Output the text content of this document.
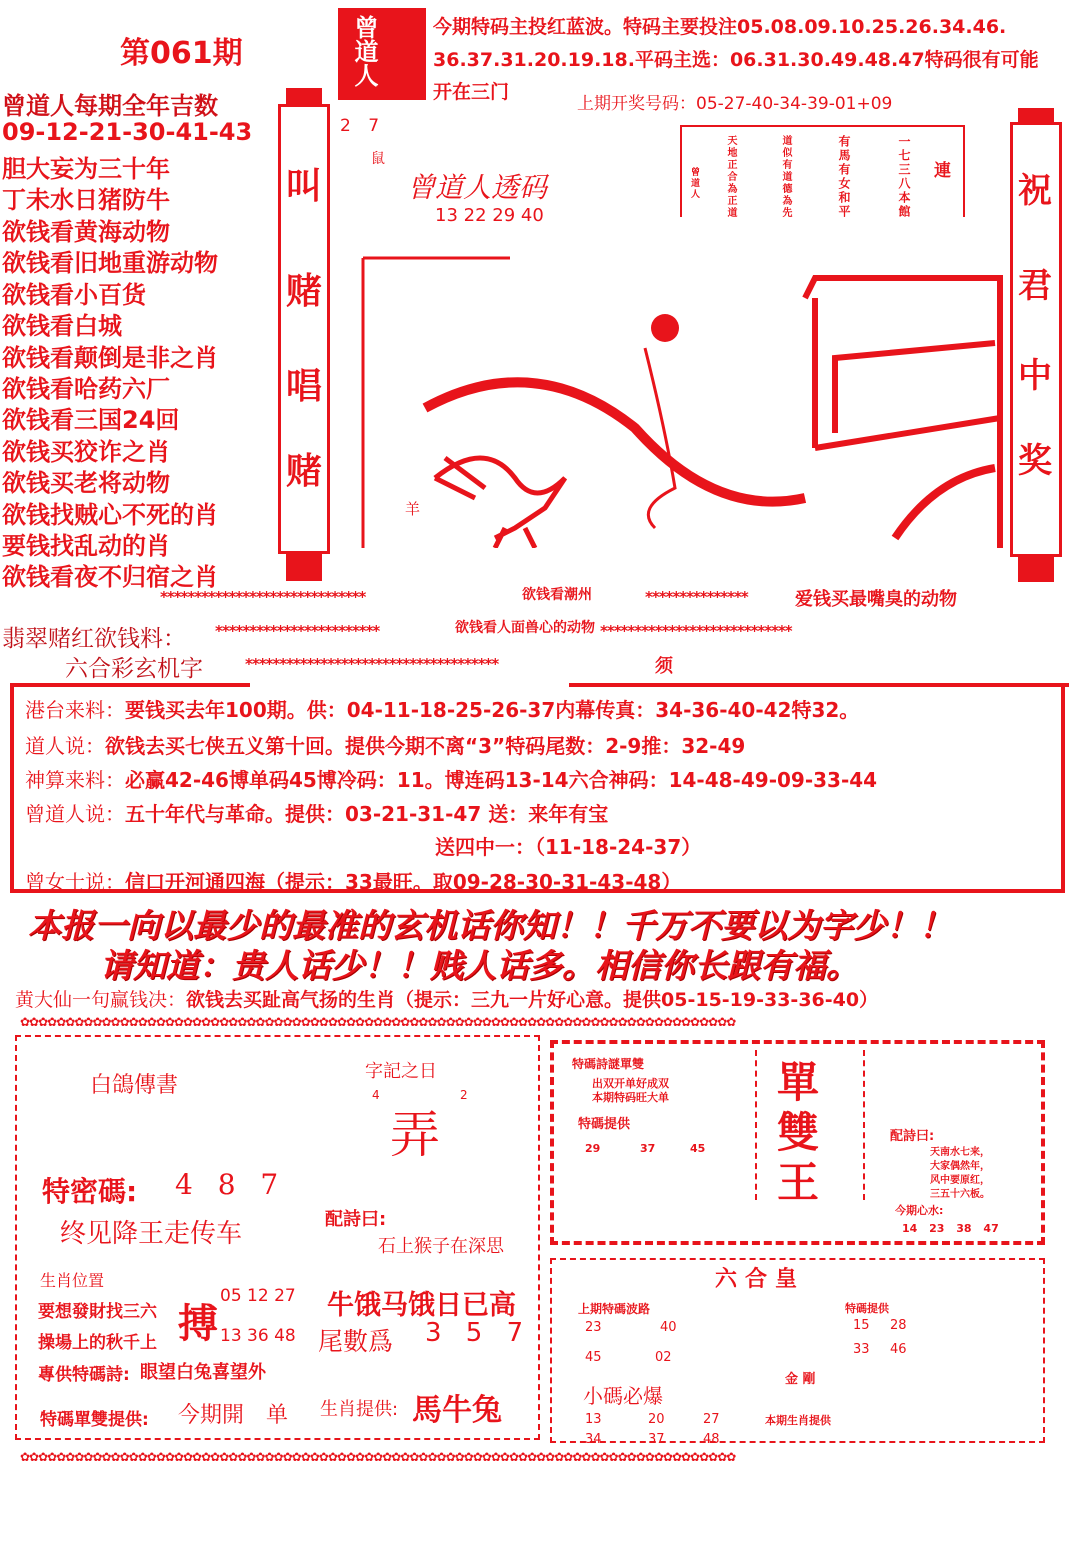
第061期	曾道人	今期特码主投红蓝波。特码主要投注05.08.09.10.25.26.34.46.
36.37.31.20.19.18.平码主选：06.31.30.49.48.47特码很有可能
开在三门
上期开奖号码：05-27-40-34-39-01+09
曾道人每期全年吉数
09-12-21-30-41-43
胆大妄为三十年
丁未水日猪防牛
欲钱看黄海动物
欲钱看旧地重游动物
欲钱看小百货
欲钱看白城
欲钱看颠倒是非之肖
欲钱看哈药六厂
欲钱看三国24回
欲钱买狡诈之肖
欲钱买老将动物
欲钱找贼心不死的肖
要钱找乱动的肖
欲钱看夜不归宿之肖
叫
赌
唱
赌
祝
君
中
奖
2 7
鼠
曾道人透码
13 22 29 40
羊
連
一七三八本館
有馬有女和平
道似有道德為先
天地正合為正道
曾道人
******************************	欲钱看潮州	***************	爱钱买最嘴臭的动物
翡翠赌红欲钱料： ************************	欲钱看人面兽心的动物 ****************************
六合彩玄机字	*************************************	须
港台来料：要钱买去年100期。供：04-11-18-25-26-37内幕传真：34-36-40-42特32。
道人说：欲钱去买七侠五义第十回。提供今期不离“3”特码尾数：2-9推：32-49
神算来料：必赢42-46博单码45博冷码：11。博连码13-14六合神码：14-48-49-09-33-44
曾道人说：五十年代与革命。提供：03-21-31-47 送：来年有宝
送四中一：（11-18-24-37）
曾女士说：信口开河通四海（提示：33最旺。取09-28-30-31-43-48）
本报一向以最少的最准的玄机话你知！！千万不要以为字少！！
请知道：贵人话少！！贱人话多。相信你长跟有福。
黄大仙一句赢钱决：欲钱去买趾高气扬的生肖（提示：三九一片好心意。提供05-15-19-33-36-40）
✿✿✿✿✿✿✿✿✿✿✿✿✿✿✿✿✿✿✿✿✿✿✿✿✿✿✿✿✿✿✿✿✿✿✿✿✿✿✿✿✿✿✿✿✿✿✿✿✿✿✿✿✿✿✿✿✿✿✿✿✿✿✿✿✿✿✿✿✿✿✿✿✿✿✿✿✿✿✿
✿✿✿✿✿✿✿✿✿✿✿✿✿✿✿✿✿✿✿✿✿✿✿✿✿✿✿✿✿✿✿✿✿✿✿✿✿✿✿✿✿✿✿✿✿✿✿✿✿✿✿✿✿✿✿✿✿✿✿✿✿✿✿✿✿✿✿✿✿✿✿✿✿✿✿✿✿✿✿
白鴿傳書
字記之日
4	2
弄
特密碼: 4 8 7
终见降王走传车	配詩曰:
石上猴子在深思
生肖位置
要想發財找三六
操場上的秋千上 搏
05 12 27
13 36 48
牛饿马饿日已高
尾數爲 3 5 7
專供特碼詩: 眼望白兔喜望外
特碼單雙提供: 今期開　单 生肖提供: 馬牛兔
特碼詩謎單雙
出双开单好成双
本期特码旺大单
特碼提供
29	37	45
單
雙
王
配詩曰:
天南水七来，
大家偶然年，
风中要原红，
三五十六板。
今期心水:
14 23 38 47
六合皇
上期特碼波路
23	40
45	02
特碼提供
15 28
33 46
金 剛
小碼必爆
13	20	27
34	37	48
本期生肖提供
